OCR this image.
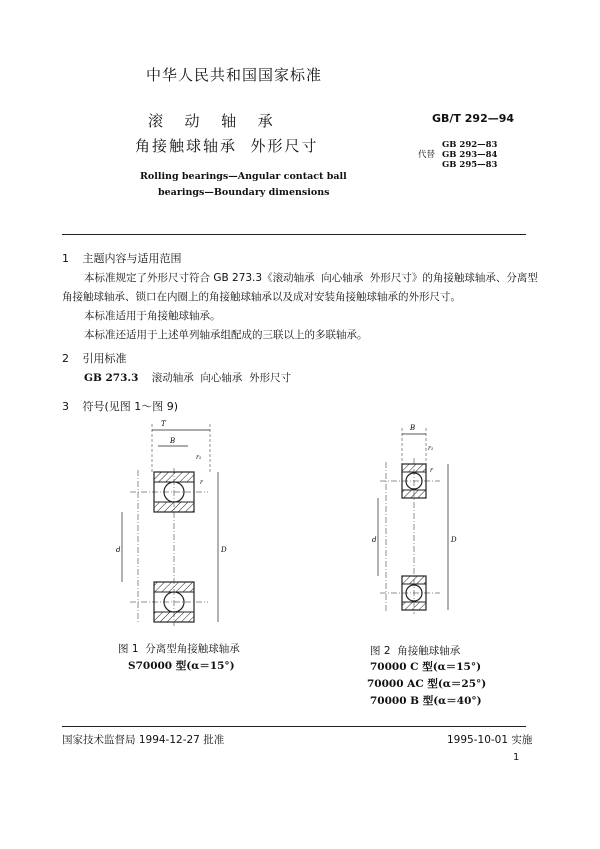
中华人民共和国国家标准
滚  动  轴  承
角接触球轴承  外形尺寸
Rolling bearings—Angular contact ball
bearings—Boundary dimensions
GB/T 292—94
GB 292—83
代替 GB 293—84
GB 295—83
1 主题内容与适用范围
本标准规定了外形尺寸符合 GB 273.3《滚动轴承  向心轴承  外形尺寸》的角接触球轴承、分离型
角接触球轴承、锁口在内圈上的角接触球轴承以及成对安装角接触球轴承的外形尺寸。
本标准适用于角接触球轴承。
本标准还适用于上述单列轴承组配成的三联以上的多联轴承。
2 引用标准
GB 273.3 滚动轴承  向心轴承  外形尺寸
3 符号(见图 1～图 9)
T
B
r₁
r
d	D
B
r₁
r
d	D
图 1  分离型角接触球轴承
S70000 型(α＝15°)
图 2  角接触球轴承
70000 C 型(α＝15°)
70000 AC 型(α＝25°)
70000 B 型(α＝40°)
国家技术监督局 1994-12-27 批准	1995-10-01 实施
1
